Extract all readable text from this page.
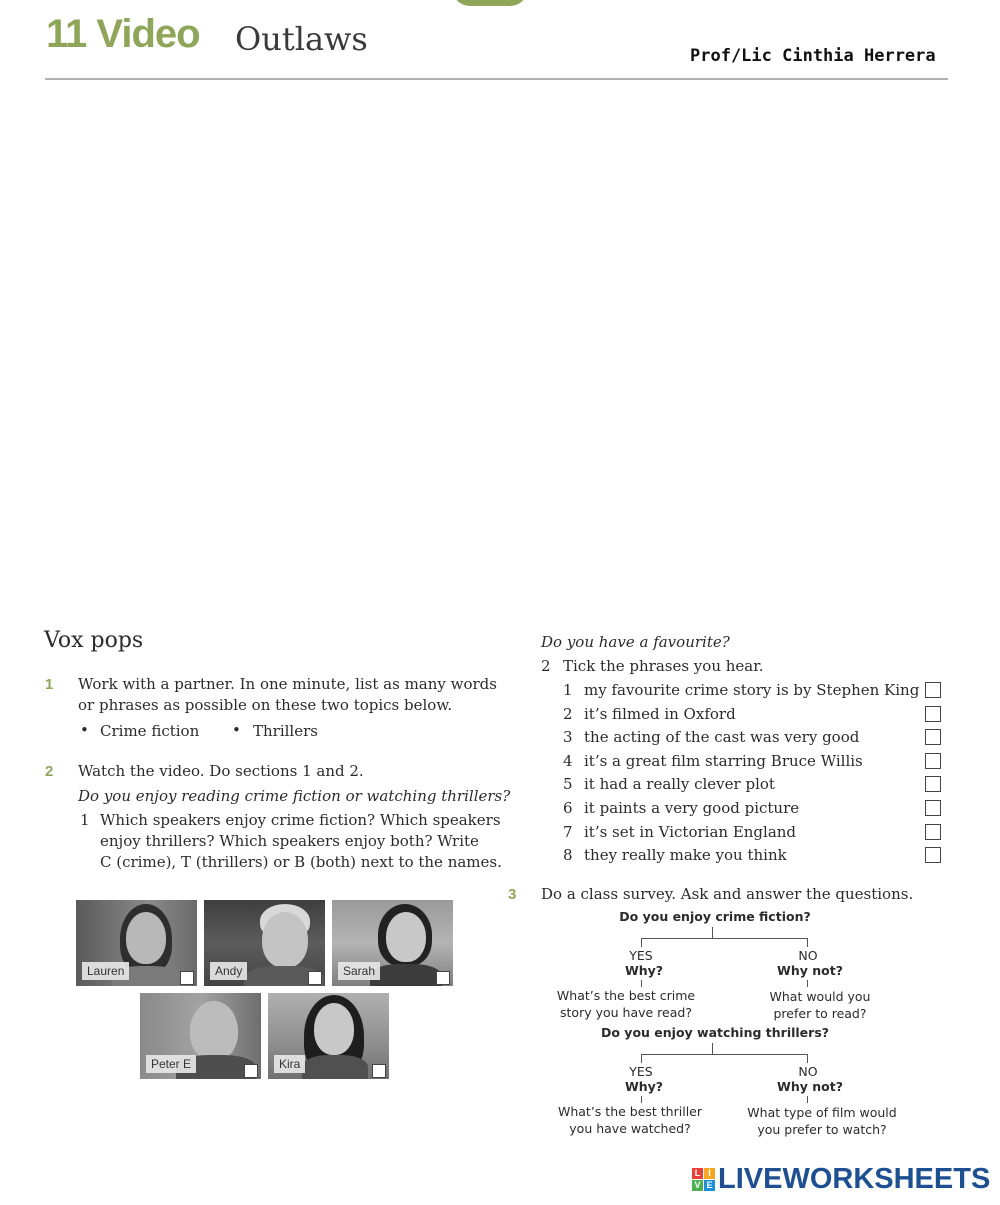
11 Video Outlaws	Prof/Lic Cinthia Herrera
Vox pops
1 Work with a partner. In one minute, list as many words
or phrases as possible on these two topics below.
• Crime fiction • Thrillers
2 Watch the video. Do sections 1 and 2.
Do you enjoy reading crime fiction or watching thrillers?
1 Which speakers enjoy crime fiction? Which speakers
enjoy thrillers? Which speakers enjoy both? Write
C (crime), T (thrillers) or B (both) next to the names.
Lauren	Andy	Sarah
Peter E	Kira
Do you have a favourite?
2 Tick the phrases you hear.
1 my favourite crime story is by Stephen King
2 it’s filmed in Oxford
3 the acting of the cast was very good
4 it’s a great film starring Bruce Willis
5 it had a really clever plot
6 it paints a very good picture
7 it’s set in Victorian England
8 they really make you think
3 Do a class survey. Ask and answer the questions.
Do you enjoy crime fiction?
YES
Why?
NO
Why not?
What’s the best crime
story you have read?
What would you
prefer to read?
Do you enjoy watching thrillers?
YES
Why?
NO
Why not?
What’s the best thriller
you have watched?
What type of film would
you prefer to watch?
L I
V E LIVEWORKSHEETS
